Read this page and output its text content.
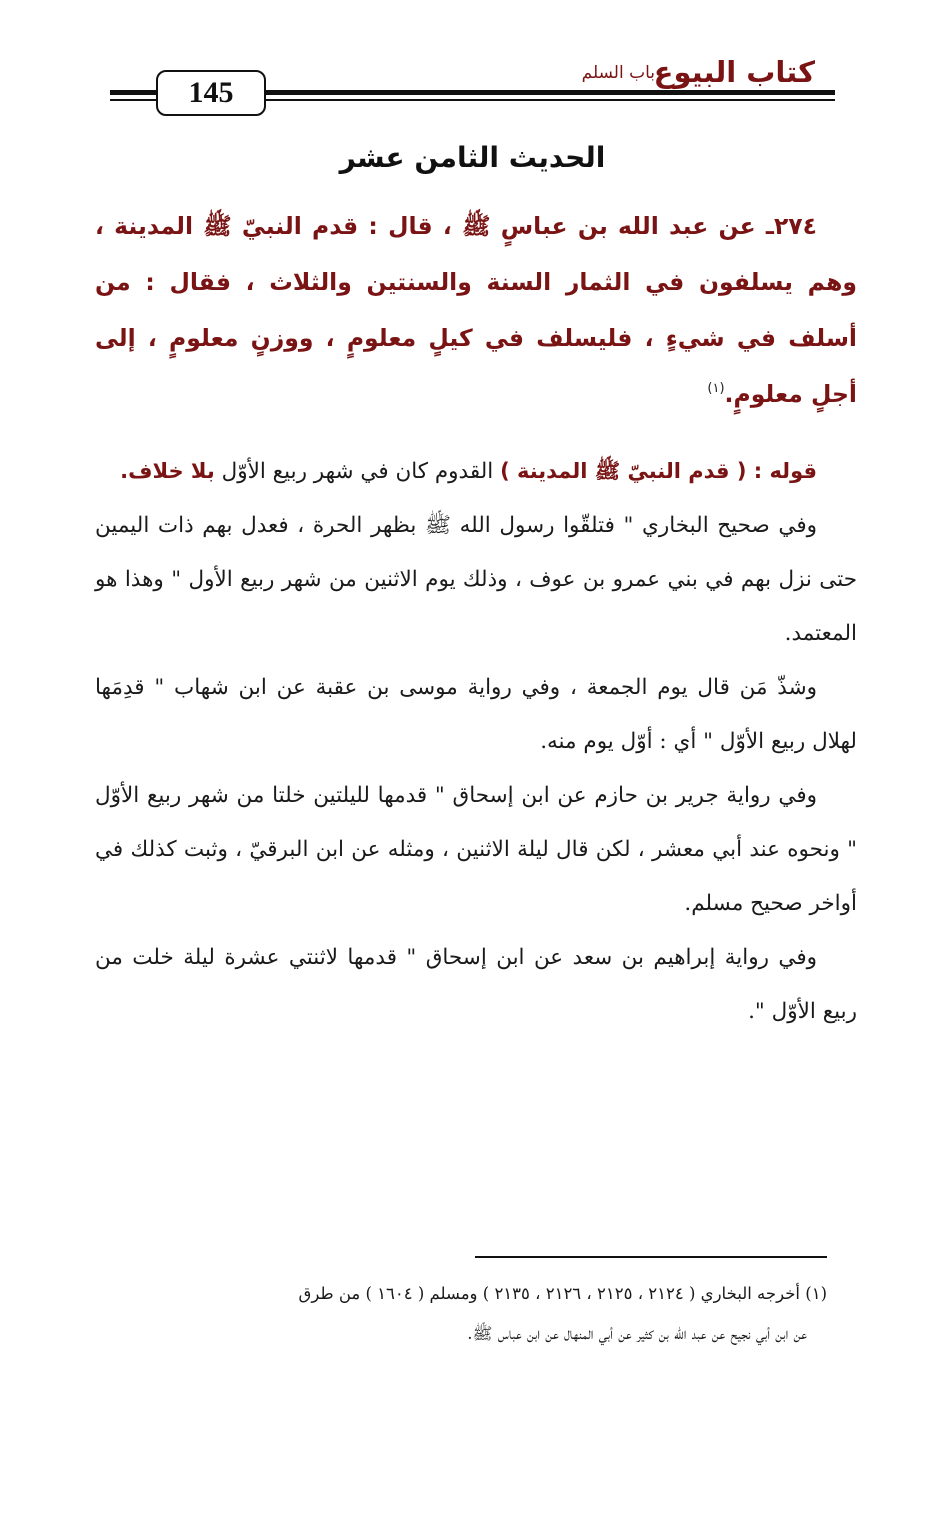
كتاب البيوع
باب السلم
145
الحديث الثامن عشر

٢٧٤ـ عن عبد الله بن عباسٍ ﷺ ، قال : قدم النبيّ ﷺ المدينة ، وهم يسلفون في الثمار السنة والسنتين والثلاث ، فقال : من أسلف في شيءٍ ، فليسلف في كيلٍ معلومٍ ، ووزنٍ معلومٍ ، إلى أجلٍ معلومٍ.$^{(١)}$

قوله : ( قدم النبيّ ﷺ المدينة ) القدوم كان في شهر ربيع الأوّل بلا خلاف.

وفي صحيح البخاري " فتلقّوا رسول الله ﷺ بظهر الحرة ، فعدل بهم ذات اليمين حتى نزل بهم في بني عمرو بن عوف ، وذلك يوم الاثنين من شهر ربيع الأول " وهذا هو المعتمد.

وشذّ مَن قال يوم الجمعة ، وفي رواية موسى بن عقبة عن ابن شهاب " قدِمَها لهلال ربيع الأوّل " أي : أوّل يوم منه.

وفي رواية جرير بن حازم عن ابن إسحاق " قدمها لليلتين خلتا من شهر ربيع الأوّل " ونحوه عند أبي معشر ، لكن قال ليلة الاثنين ، ومثله عن ابن البرقيّ ، وثبت كذلك في أواخر صحيح مسلم.

وفي رواية إبراهيم بن سعد عن ابن إسحاق " قدمها لاثنتي عشرة ليلة خلت من ربيع الأوّل ".

(١) أخرجه البخاري ( ٢١٢٤ ، ٢١٢٥ ، ٢١٢٦ ، ٢١٣٥ ) ومسلم ( ١٦٠٤ ) من طرق

عن ابن أبي نجيح عن عبد الله بن كثير عن أبي المنهال عن ابن عباس ﷺ.
